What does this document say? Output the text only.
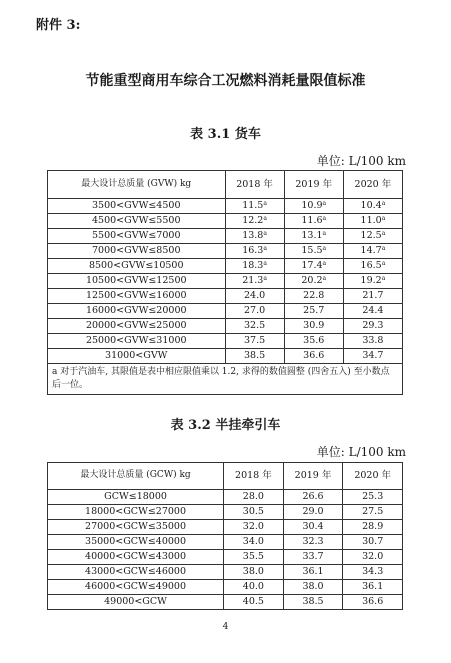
附件 3:
节能重型商用车综合工况燃料消耗量限值标准
表 3.1 货车
单位: L/100 km
最大设计总质量 (GVW) kg	2018 年	2019 年	2020 年
3500<GVW≤4500	11.5$^a$	10.9$^a$	10.4$^a$
4500<GVW≤5500	12.2$^a$	11.6$^a$	11.0$^a$
5500<GVW≤7000	13.8$^a$	13.1$^a$	12.5$^a$
7000<GVW≤8500	16.3$^a$	15.5$^a$	14.7$^a$
8500<GVW≤10500	18.3$^a$	17.4$^a$	16.5$^a$
10500<GVW≤12500	21.3$^a$	20.2$^a$	19.2$^a$
12500<GVW≤16000	24.0	22.8	21.7
16000<GVW≤20000	27.0	25.7	24.4
20000<GVW≤25000	32.5	30.9	29.3
25000<GVW≤31000	37.5	35.6	33.8
31000<GVW	38.5	36.6	34.7
a 对于汽油车, 其限值是表中相应限值乘以 1.2, 求得的数值圆整 (四舍五入) 至小数点后一位。			
表 3.2 半挂牵引车
单位: L/100 km
最大设计总质量 (GCW) kg	2018 年	2019 年	2020 年
GCW≤18000	28.0	26.6	25.3
18000<GCW≤27000	30.5	29.0	27.5
27000<GCW≤35000	32.0	30.4	28.9
35000<GCW≤40000	34.0	32.3	30.7
40000<GCW≤43000	35.5	33.7	32.0
43000<GCW≤46000	38.0	36.1	34.3
46000<GCW≤49000	40.0	38.0	36.1
49000<GCW	40.5	38.5	36.6
4
